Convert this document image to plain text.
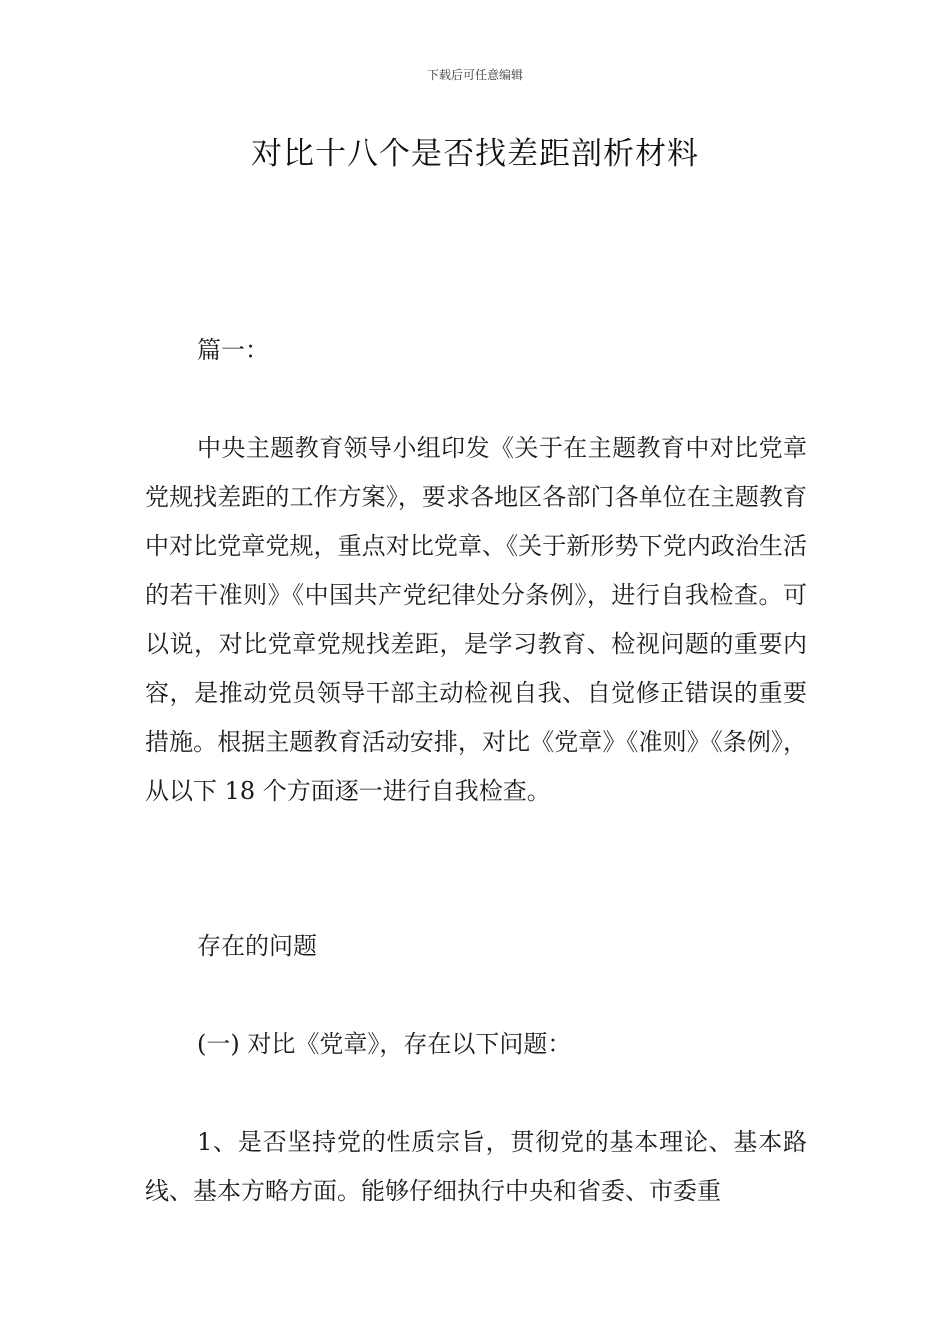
下载后可任意编辑
对比十八个是否找差距剖析材料
篇一：

中央主题教育领导小组印发《关于在主题教育中对比党章党规找差距的工作方案》，要求各地区各部门各单位在主题教育中对比党章党规，重点对比党章、《关于新形势下党内政治生活的若干准则》《中国共产党纪律处分条例》，进行自我检查。可以说，对比党章党规找差距，是学习教育、检视问题的重要内容，是推动党员领导干部主动检视自我、自觉修正错误的重要措施。根据主题教育活动安排，对比《党章》《准则》《条例》，从以下 18 个方面逐一进行自我检查。

存在的问题
(一) 对比《党章》，存在以下问题：

1、是否坚持党的性质宗旨，贯彻党的基本理论、基本路线、基本方略方面。能够仔细执行中央和省委、市委重
